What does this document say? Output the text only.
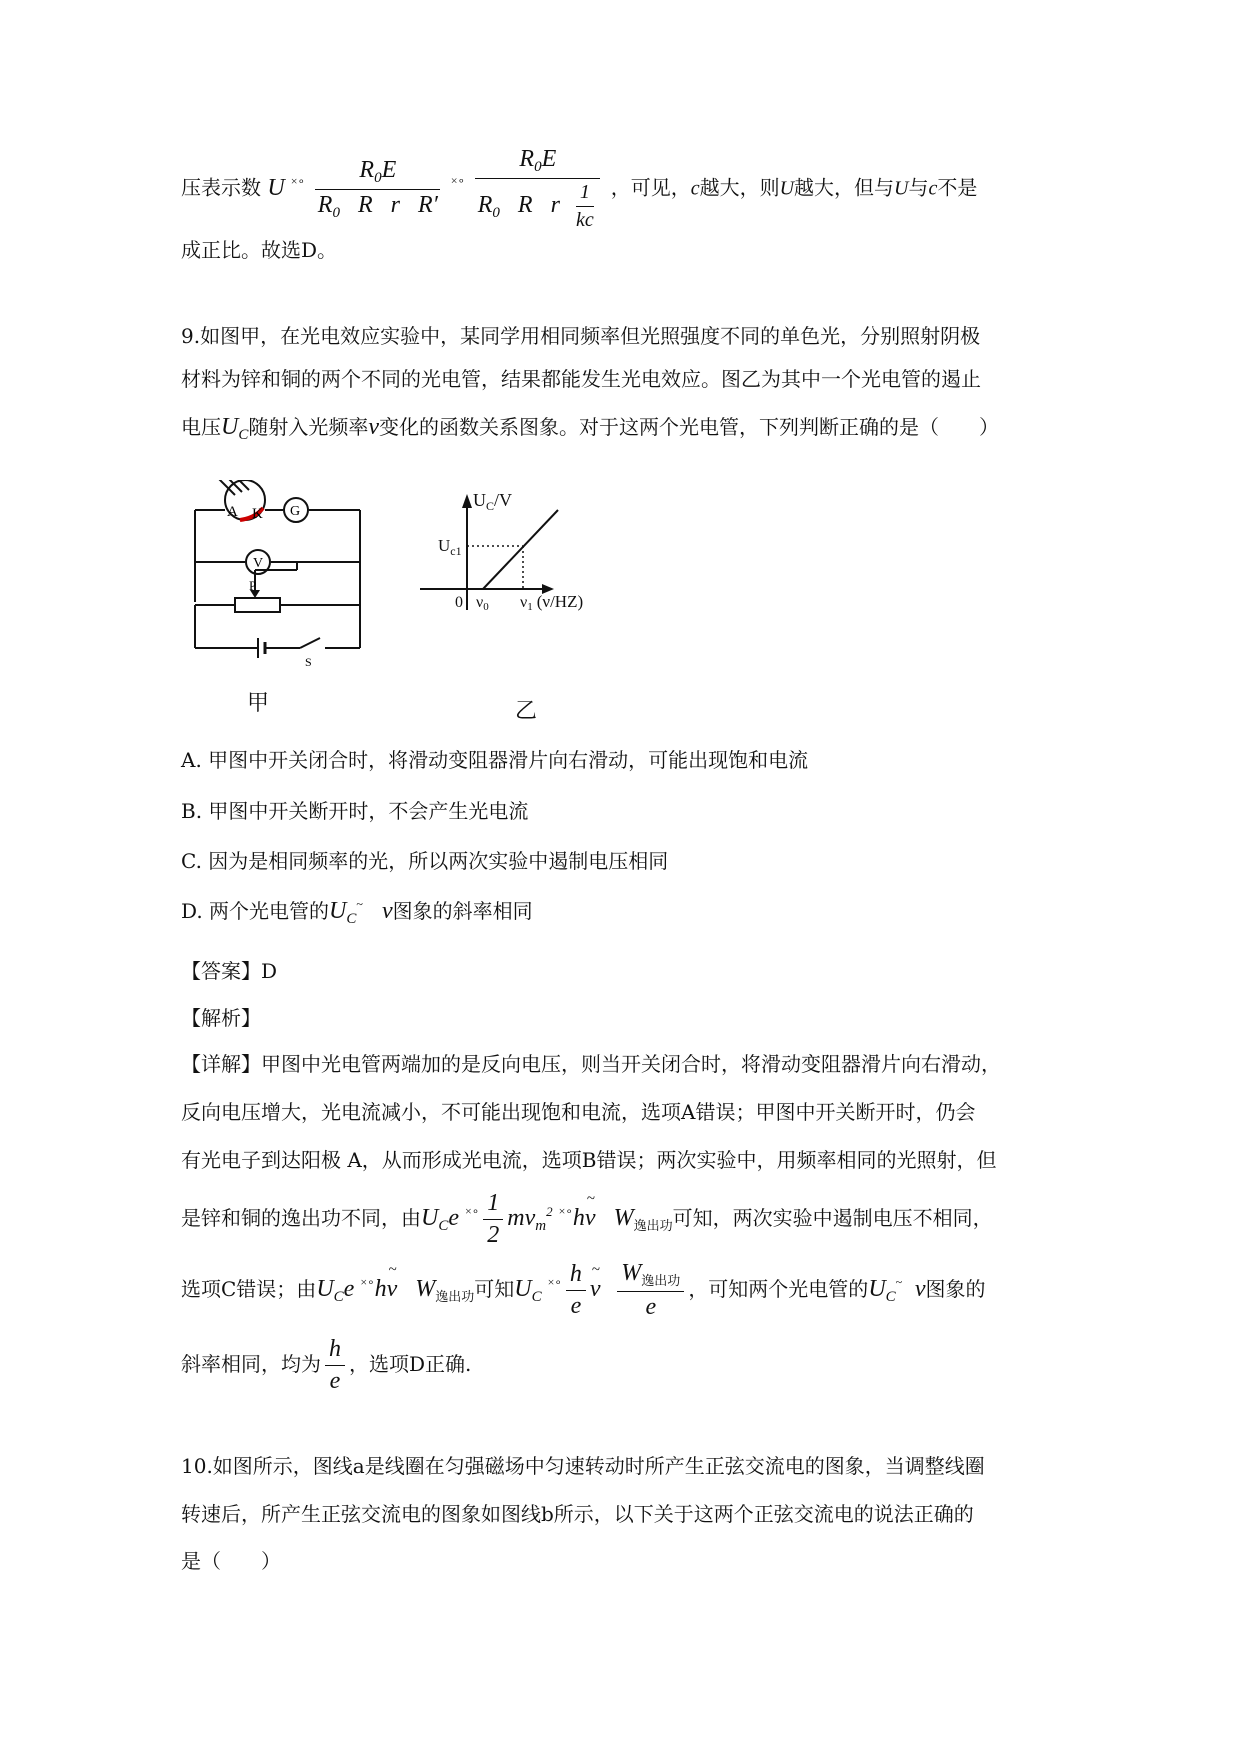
压表示数 U $^{\times\circ} \frac{R_0E}{R_0 R r R'} ^{\times\circ} \frac{R_0E}{R_0 R r \frac{1}{kc}}$ ，可见，c越大，则U越大，但与U与c不是
成正比。故选D。
9.如图甲，在光电效应实验中，某同学用相同频率但光照强度不同的单色光，分别照射阴极
材料为锌和铜的两个不同的光电管，结果都能发生光电效应。图乙为其中一个光电管的遏止
电压$U_C$随射入光频率ν变化的函数关系图象。对于这两个光电管，下列判断正确的是（　　）
A K G
V
P
S
甲
$U_C/V$
$U_{c1}$
0 ν0 ν1 (ν/HZ)
乙
A. 甲图中开关闭合时，将滑动变阻器滑片向右滑动，可能出现饱和电流
B. 甲图中开关断开时，不会产生光电流
C. 因为是相同频率的光，所以两次实验中遏制电压相同
D. 两个光电管的$U_C^\sim$ ν图象的斜率相同
【答案】D
【解析】
【详解】甲图中光电管两端加的是反向电压，则当开关闭合时，将滑动变阻器滑片向右滑动，
反向电压增大，光电流减小，不可能出现饱和电流，选项A错误；甲图中开关断开时，仍会
有光电子到达阳极 A，从而形成光电流，选项B错误；两次实验中，用频率相同的光照射，但
是锌和铜的逸出功不同，由$U_Ce$ $^{\times\circ} \frac{1}{2} mv_m^2$ ×∘h~ ν   $W_{逸出功}$可知，两次实验中遏制电压不相同，
选项C错误；由$U_Ce$ ×∘h~ ν   $W_{逸出功}$可知$U_C$ $^{\times\circ} \frac{h}{e}$
~ ν $\frac{W_{逸出功}}{e}$ ，可知两个光电管的$U_C^\sim$ ν图象的
斜率相同，均为 $\frac{h}{e}$ ，选项D正确.
10.如图所示，图线a是线圈在匀强磁场中匀速转动时所产生正弦交流电的图象，当调整线圈
转速后，所产生正弦交流电的图象如图线b所示，以下关于这两个正弦交流电的说法正确的
是（　　）
